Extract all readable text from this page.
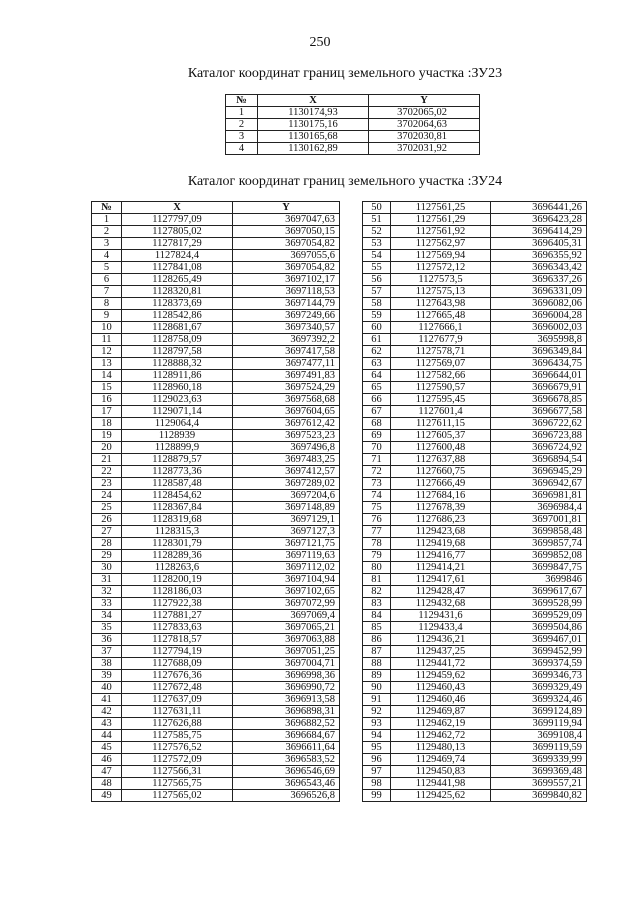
250
Каталог координат границ земельного участка :ЗУ23
№	X	Y
1	1130174,93	3702065,02
2	1130175,16	3702064,63
3	1130165,68	3702030,81
4	1130162,89	3702031,92
Каталог координат границ земельного участка :ЗУ24
№	X	Y
1	1127797,09	3697047,63
2	1127805,02	3697050,15
3	1127817,29	3697054,82
4	1127824,4	3697055,6
5	1127841,08	3697054,82
6	1128265,49	3697102,17
7	1128320,81	3697118,53
8	1128373,69	3697144,79
9	1128542,86	3697249,66
10	1128681,67	3697340,57
11	1128758,09	3697392,2
12	1128797,58	3697417,58
13	1128888,32	3697477,11
14	1128911,86	3697491,83
15	1128960,18	3697524,29
16	1129023,63	3697568,68
17	1129071,14	3697604,65
18	1129064,4	3697612,42
19	1128939	3697523,23
20	1128899,9	3697496,8
21	1128879,57	3697483,25
22	1128773,36	3697412,57
23	1128587,48	3697289,02
24	1128454,62	3697204,6
25	1128367,84	3697148,89
26	1128319,68	3697129,1
27	1128315,3	3697127,3
28	1128301,79	3697121,75
29	1128289,36	3697119,63
30	1128263,6	3697112,02
31	1128200,19	3697104,94
32	1128186,03	3697102,65
33	1127922,38	3697072,99
34	1127881,27	3697069,4
35	1127833,63	3697065,21
36	1127818,57	3697063,88
37	1127794,19	3697051,25
38	1127688,09	3697004,71
39	1127676,36	3696998,36
40	1127672,48	3696990,72
41	1127637,09	3696913,58
42	1127631,11	3696898,31
43	1127626,88	3696882,52
44	1127585,75	3696684,67
45	1127576,52	3696611,64
46	1127572,09	3696583,52
47	1127566,31	3696546,69
48	1127565,75	3696543,46
49	1127565,02	3696526,8
50	1127561,25	3696441,26
51	1127561,29	3696423,28
52	1127561,92	3696414,29
53	1127562,97	3696405,31
54	1127569,94	3696355,92
55	1127572,12	3696343,42
56	1127573,5	3696337,26
57	1127575,13	3696331,09
58	1127643,98	3696082,06
59	1127665,48	3696004,28
60	1127666,1	3696002,03
61	1127677,9	3695998,8
62	1127578,71	3696349,84
63	1127569,07	3696434,75
64	1127582,66	3696644,01
65	1127590,57	3696679,91
66	1127595,45	3696678,85
67	1127601,4	3696677,58
68	1127611,15	3696722,62
69	1127605,37	3696723,88
70	1127600,48	3696724,92
71	1127637,88	3696894,54
72	1127660,75	3696945,29
73	1127666,49	3696942,67
74	1127684,16	3696981,81
75	1127678,39	3696984,4
76	1127686,23	3697001,81
77	1129423,68	3699858,48
78	1129419,68	3699857,74
79	1129416,77	3699852,08
80	1129414,21	3699847,75
81	1129417,61	3699846
82	1129428,47	3699617,67
83	1129432,68	3699528,99
84	1129431,6	3699529,09
85	1129433,4	3699504,86
86	1129436,21	3699467,01
87	1129437,25	3699452,99
88	1129441,72	3699374,59
89	1129459,62	3699346,73
90	1129460,43	3699329,49
91	1129460,46	3699324,46
92	1129469,87	3699124,89
93	1129462,19	3699119,94
94	1129462,72	3699108,4
95	1129480,13	3699119,59
96	1129469,74	3699339,99
97	1129450,83	3699369,48
98	1129441,98	3699557,21
99	1129425,62	3699840,82
